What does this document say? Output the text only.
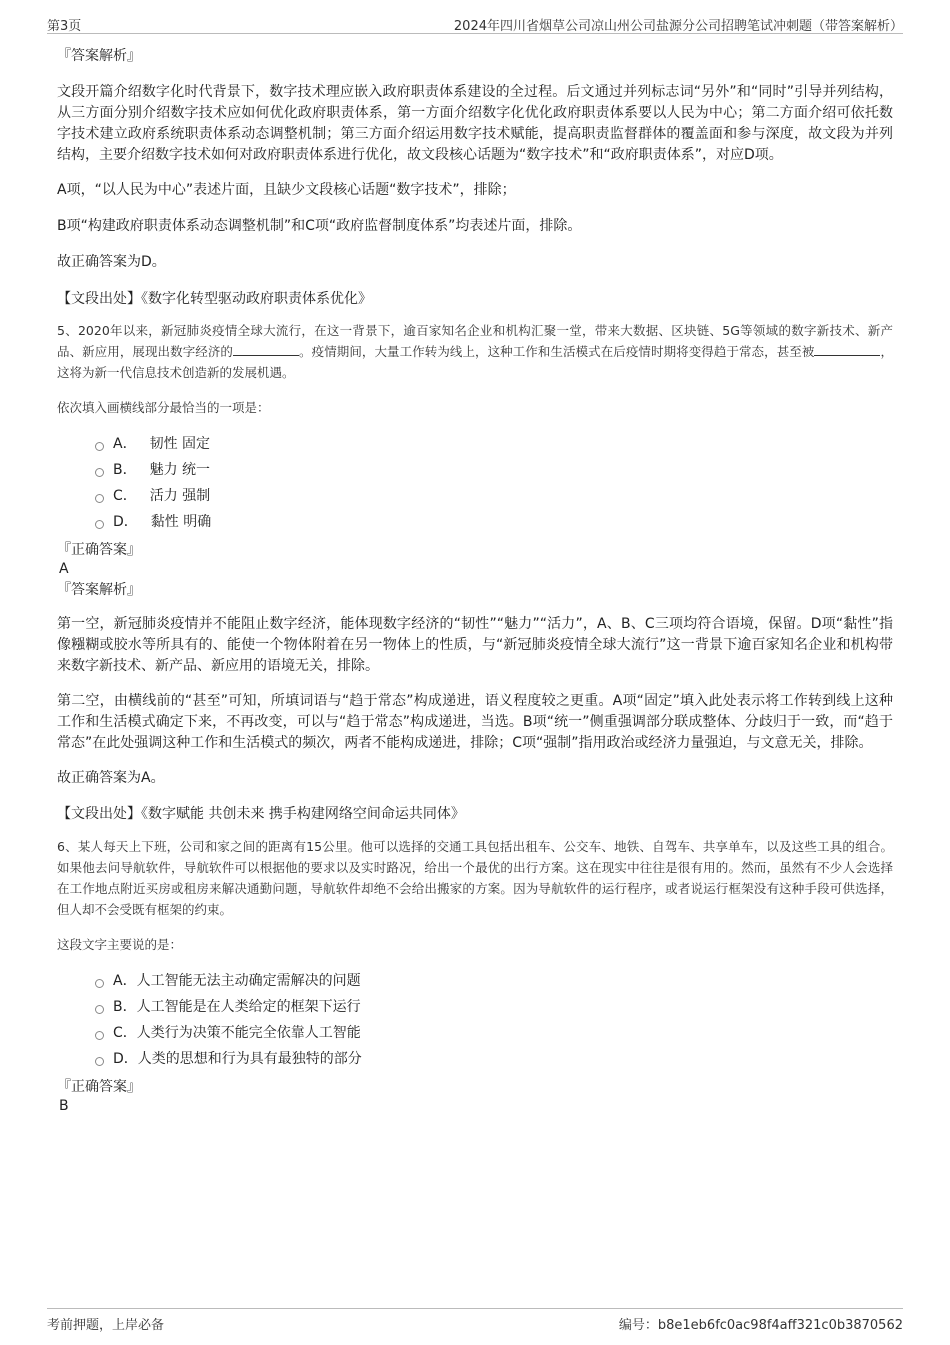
第3页	2024年四川省烟草公司凉山州公司盐源分公司招聘笔试冲刺题（带答案解析）

『答案解析』

文段开篇介绍数字化时代背景下，数字技术理应嵌入政府职责体系建设的全过程。后文通过并列标志词“另外”和“同时”引导并列结构，从三方面分别介绍数字技术应如何优化政府职责体系，第一方面介绍数字化优化政府职责体系要以人民为中心；第二方面介绍可依托数字技术建立政府系统职责体系动态调整机制；第三方面介绍运用数字技术赋能，提高职责监督群体的覆盖面和参与深度，故文段为并列结构，主要介绍数字技术如何对政府职责体系进行优化，故文段核心话题为“数字技术”和“政府职责体系”，对应D项。

A项，“以人民为中心”表述片面，且缺少文段核心话题“数字技术”，排除；

B项“构建政府职责体系动态调整机制”和C项“政府监督制度体系”均表述片面，排除。

故正确答案为D。

【文段出处】《数字化转型驱动政府职责体系优化》

5、2020年以来，新冠肺炎疫情全球大流行，在这一背景下，逾百家知名企业和机构汇聚一堂，带来大数据、区块链、5G等领域的数字新技术、新产品、新应用，展现出数字经济的	。疫情期间，大量工作转为线上，这种工作和生活模式在后疫情时期将变得趋于常态，甚至被	，这将为新一代信息技术创造新的发展机遇。

依次填入画横线部分最恰当的一项是：

A． 韧性 固定
B． 魅力 统一
C． 活力 强制
D． 黏性 明确

『正确答案』

A

『答案解析』

第一空，新冠肺炎疫情并不能阻止数字经济，能体现数字经济的“韧性”“魅力”“活力”，A、B、C三项均符合语境，保留。D项“黏性”指像糨糊或胶水等所具有的、能使一个物体附着在另一物体上的性质，与“新冠肺炎疫情全球大流行”这一背景下逾百家知名企业和机构带来数字新技术、新产品、新应用的语境无关，排除。

第二空，由横线前的“甚至”可知，所填词语与“趋于常态”构成递进，语义程度较之更重。A项“固定”填入此处表示将工作转到线上这种工作和生活模式确定下来，不再改变，可以与“趋于常态”构成递进，当选。B项“统一”侧重强调部分联成整体、分歧归于一致，而“趋于常态”在此处强调这种工作和生活模式的频次，两者不能构成递进，排除；C项“强制”指用政治或经济力量强迫，与文意无关，排除。

故正确答案为A。

【文段出处】《数字赋能 共创未来 携手构建网络空间命运共同体》

6、某人每天上下班，公司和家之间的距离有15公里。他可以选择的交通工具包括出租车、公交车、地铁、自驾车、共享单车，以及这些工具的组合。如果他去问导航软件，导航软件可以根据他的要求以及实时路况，给出一个最优的出行方案。这在现实中往往是很有用的。然而，虽然有不少人会选择在工作地点附近买房或租房来解决通勤问题，导航软件却绝不会给出搬家的方案。因为导航软件的运行程序，或者说运行框架没有这种手段可供选择，但人却不会受既有框架的约束。

这段文字主要说的是：

A． 人工智能无法主动确定需解决的问题
B． 人工智能是在人类给定的框架下运行
C． 人类行为决策不能完全依靠人工智能
D． 人类的思想和行为具有最独特的部分

『正确答案』

B

考前押题，上岸必备	编号：b8e1eb6fc0ac98f4aff321c0b3870562
